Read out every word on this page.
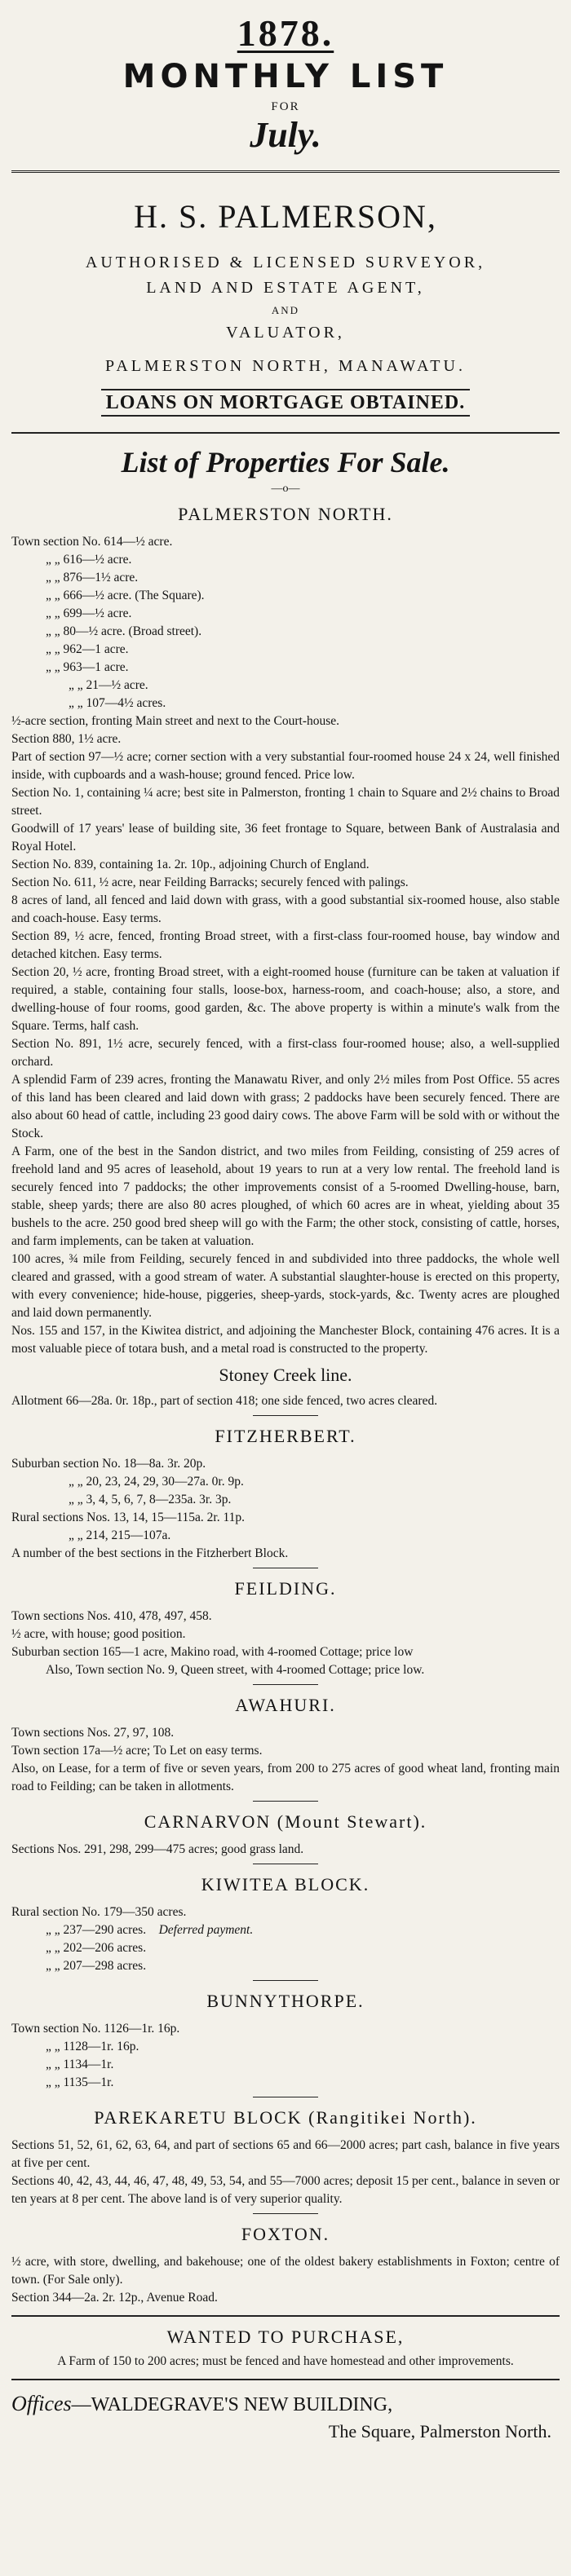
1878.
MONTHLY LIST
FOR
July.
H. S. PALMERSON,
AUTHORISED & LICENSED SURVEYOR,
LAND AND ESTATE AGENT,
AND
VALUATOR,
PALMERSTON NORTH, MANAWATU.
LOANS ON MORTGAGE OBTAINED.
List of Properties For Sale.
—o—
PALMERSTON NORTH.

Town section No. 614—½ acre.

„ „ 616—½ acre.

„ „ 876—1½ acre.

„ „ 666—½ acre. (The Square).

„ „ 699—½ acre.

„ „ 80—½ acre. (Broad street).

„ „ 962—1 acre.

„ „ 963—1 acre.

„ „ 21—½ acre.

„ „ 107—4½ acres.

½-acre section, fronting Main street and next to the Court-house.

Section 880, 1½ acre.

Part of section 97—½ acre; corner section with a very substantial four-roomed house 24 x 24, well finished inside, with cupboards and a wash-house; ground fenced. Price low.

Section No. 1, containing ¼ acre; best site in Palmerston, fronting 1 chain to Square and 2½ chains to Broad street.

Goodwill of 17 years' lease of building site, 36 feet frontage to Square, between Bank of Australasia and Royal Hotel.

Section No. 839, containing 1a. 2r. 10p., adjoining Church of England.

Section No. 611, ½ acre, near Feilding Barracks; securely fenced with palings.

8 acres of land, all fenced and laid down with grass, with a good substantial six-roomed house, also stable and coach-house. Easy terms.

Section 89, ½ acre, fenced, fronting Broad street, with a first-class four-roomed house, bay window and detached kitchen. Easy terms.

Section 20, ½ acre, fronting Broad street, with a eight-roomed house (furniture can be taken at valuation if required, a stable, containing four stalls, loose-box, harness-room, and coach-house; also, a store, and dwelling-house of four rooms, good garden, &c. The above property is within a minute's walk from the Square. Terms, half cash.

Section No. 891, 1½ acre, securely fenced, with a first-class four-roomed house; also, a well-supplied orchard.

A splendid Farm of 239 acres, fronting the Manawatu River, and only 2½ miles from Post Office. 55 acres of this land has been cleared and laid down with grass; 2 paddocks have been securely fenced. There are also about 60 head of cattle, including 23 good dairy cows. The above Farm will be sold with or without the Stock.

A Farm, one of the best in the Sandon district, and two miles from Feilding, consisting of 259 acres of freehold land and 95 acres of leasehold, about 19 years to run at a very low rental. The freehold land is securely fenced into 7 paddocks; the other improvements consist of a 5-roomed Dwelling-house, barn, stable, sheep yards; there are also 80 acres ploughed, of which 60 acres are in wheat, yielding about 35 bushels to the acre. 250 good bred sheep will go with the Farm; the other stock, consisting of cattle, horses, and farm implements, can be taken at valuation.

100 acres, ¾ mile from Feilding, securely fenced in and subdivided into three paddocks, the whole well cleared and grassed, with a good stream of water. A substantial slaughter-house is erected on this property, with every convenience; hide-house, piggeries, sheep-yards, stock-yards, &c. Twenty acres are ploughed and laid down permanently.

Nos. 155 and 157, in the Kiwitea district, and adjoining the Manchester Block, containing 476 acres. It is a most valuable piece of totara bush, and a metal road is constructed to the property.

Stoney Creek line.

Allotment 66—28a. 0r. 18p., part of section 418; one side fenced, two acres cleared.

FITZHERBERT.

Suburban section No. 18—8a. 3r. 20p.

„ „ 20, 23, 24, 29, 30—27a. 0r. 9p.

„ „ 3, 4, 5, 6, 7, 8—235a. 3r. 3p.

Rural sections Nos. 13, 14, 15—115a. 2r. 11p.

„ „ 214, 215—107a.

A number of the best sections in the Fitzherbert Block.

FEILDING.

Town sections Nos. 410, 478, 497, 458.

½ acre, with house; good position.

Suburban section 165—1 acre, Makino road, with 4-roomed Cottage; price low

Also, Town section No. 9, Queen street, with 4-roomed Cottage; price low.

AWAHURI.

Town sections Nos. 27, 97, 108.

Town section 17a—½ acre; To Let on easy terms.

Also, on Lease, for a term of five or seven years, from 200 to 275 acres of good wheat land, fronting main road to Feilding; can be taken in allotments.

CARNARVON (Mount Stewart).

Sections Nos. 291, 298, 299—475 acres; good grass land.

KIWITEA BLOCK.

Rural section No. 179—350 acres.

„ „ 237—290 acres. Deferred payment.

„ „ 202—206 acres.

„ „ 207—298 acres.

BUNNYTHORPE.

Town section No. 1126—1r. 16p.

„ „ 1128—1r. 16p.

„ „ 1134—1r.

„ „ 1135—1r.

PAREKARETU BLOCK (Rangitikei North).

Sections 51, 52, 61, 62, 63, 64, and part of sections 65 and 66—2000 acres; part cash, balance in five years at five per cent.

Sections 40, 42, 43, 44, 46, 47, 48, 49, 53, 54, and 55—7000 acres; deposit 15 per cent., balance in seven or ten years at 8 per cent. The above land is of very superior quality.

FOXTON.

½ acre, with store, dwelling, and bakehouse; one of the oldest bakery establishments in Foxton; centre of town. (For Sale only).

Section 344—2a. 2r. 12p., Avenue Road.

WANTED TO PURCHASE,

A Farm of 150 to 200 acres; must be fenced and have homestead and other improvements.

Offices—WALDEGRAVE'S NEW BUILDING,
The Square, Palmerston North.
